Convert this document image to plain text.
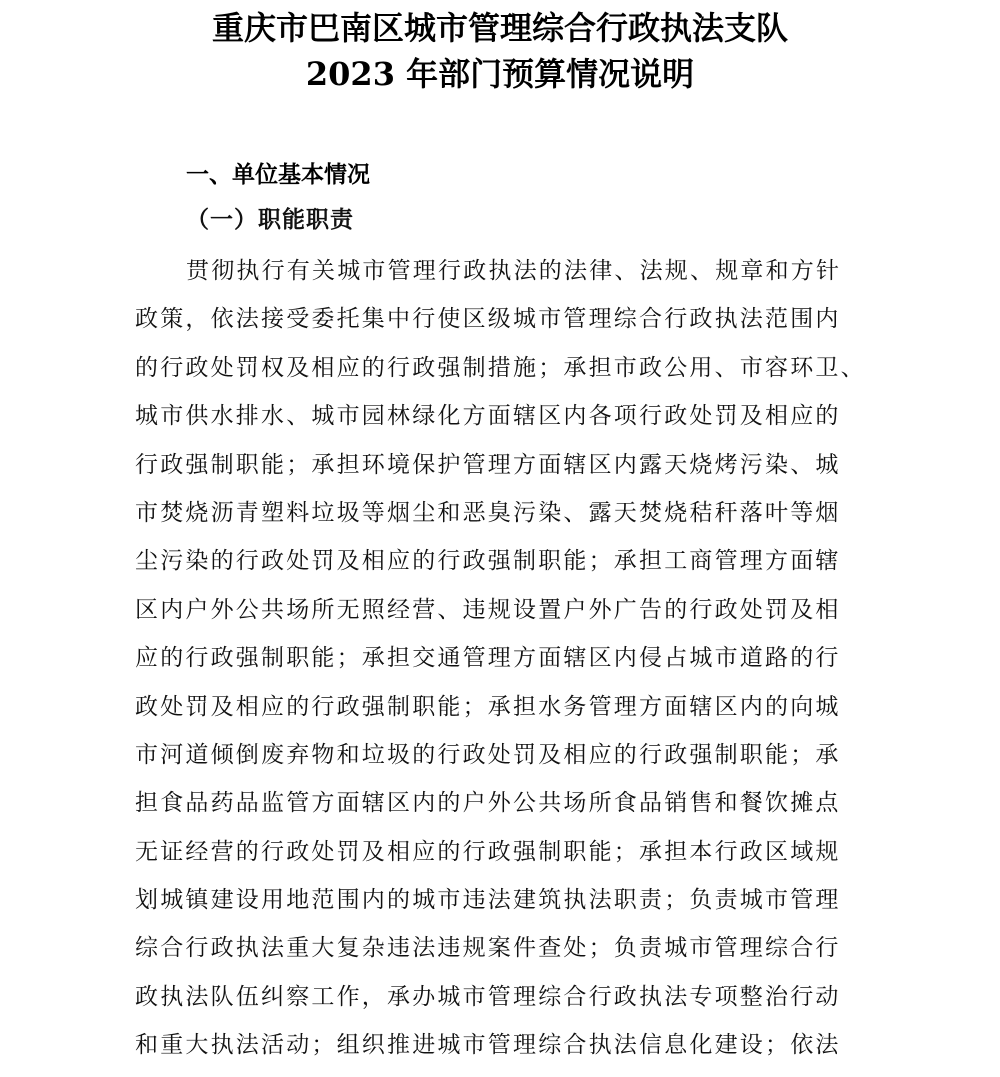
重庆市巴南区城市管理综合行政执法支队
2023 年部门预算情况说明
一、单位基本情况
（一）职能职责
贯彻执行有关城市管理行政执法的法律、法规、规章和方针
政策，依法接受委托集中行使区级城市管理综合行政执法范围内
的行政处罚权及相应的行政强制措施；承担市政公用、市容环卫、
城市供水排水、城市园林绿化方面辖区内各项行政处罚及相应的
行政强制职能；承担环境保护管理方面辖区内露天烧烤污染、城
市焚烧沥青塑料垃圾等烟尘和恶臭污染、露天焚烧秸秆落叶等烟
尘污染的行政处罚及相应的行政强制职能；承担工商管理方面辖
区内户外公共场所无照经营、违规设置户外广告的行政处罚及相
应的行政强制职能；承担交通管理方面辖区内侵占城市道路的行
政处罚及相应的行政强制职能；承担水务管理方面辖区内的向城
市河道倾倒废弃物和垃圾的行政处罚及相应的行政强制职能；承
担食品药品监管方面辖区内的户外公共场所食品销售和餐饮摊点
无证经营的行政处罚及相应的行政强制职能；承担本行政区域规
划城镇建设用地范围内的城市违法建筑执法职责；负责城市管理
综合行政执法重大复杂违法违规案件查处；负责城市管理综合行
政执法队伍纠察工作，承办城市管理综合行政执法专项整治行动
和重大执法活动；组织推进城市管理综合执法信息化建设；依法
